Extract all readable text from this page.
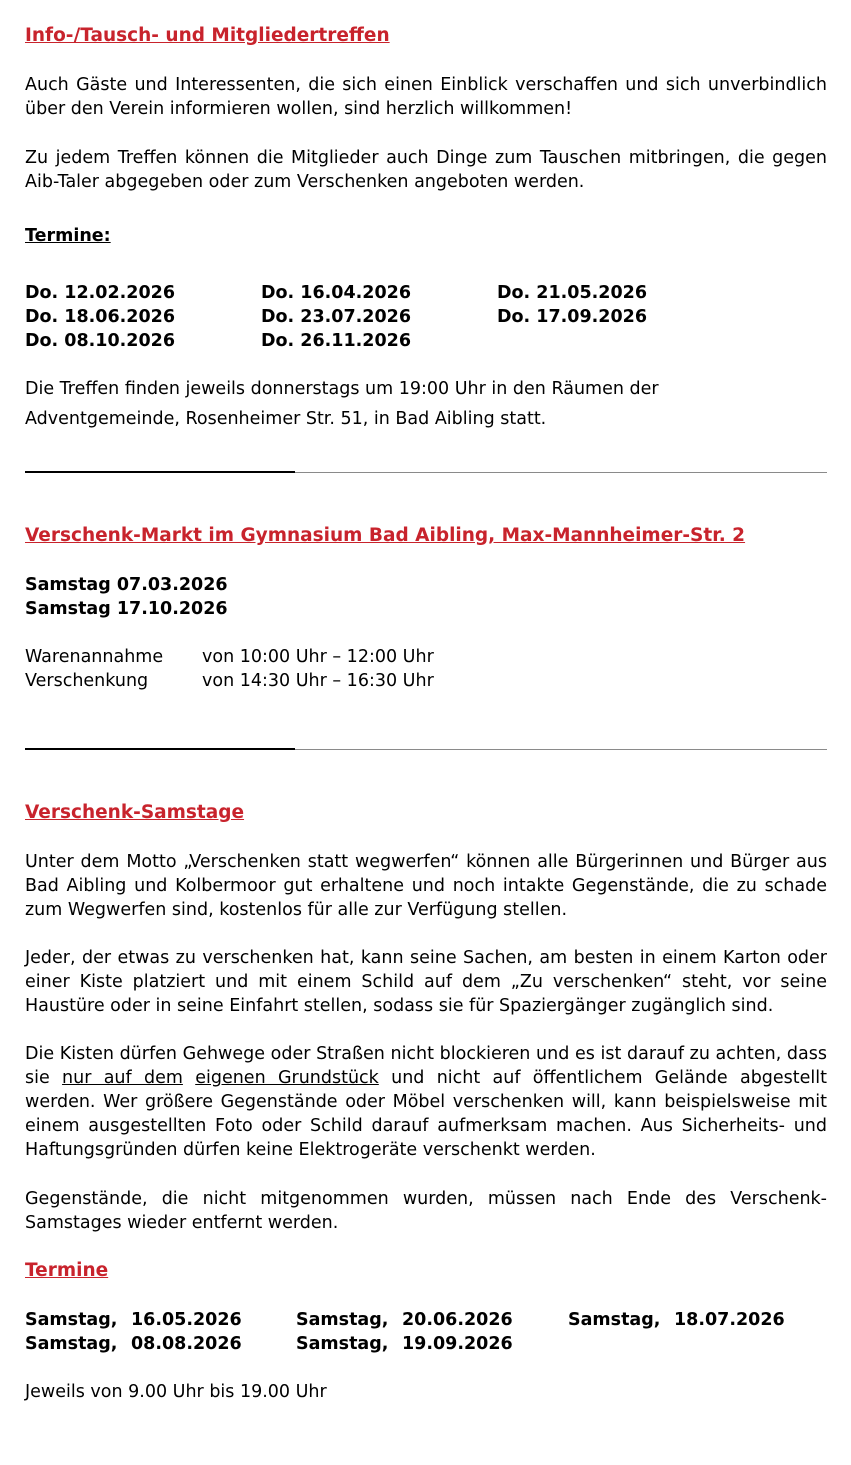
Info-/Tausch- und Mitgliedertreffen
Auch Gäste und Interessenten, die sich einen Einblick verschaffen und sich unverbindlich über den Verein informieren wollen, sind herzlich willkommen!
Zu jedem Treffen können die Mitglieder auch Dinge zum Tauschen mitbringen, die gegen Aib-Taler abgegeben oder zum Verschenken angeboten werden.
Termine:
Do. 12.02.2026	Do. 16.04.2026	Do. 21.05.2026
Do. 18.06.2026	Do. 23.07.2026	Do. 17.09.2026
Do. 08.10.2026	Do. 26.11.2026
Die Treffen finden jeweils donnerstags um 19:00 Uhr in den Räumen der
Adventgemeinde, Rosenheimer Str. 51, in Bad Aibling statt.
Verschenk-Markt im Gymnasium Bad Aibling, Max-Mannheimer-Str. 2
Samstag 07.03.2026
Samstag 17.10.2026
Warenannahme von 10:00 Uhr – 12:00 Uhr
Verschenkung	von 14:30 Uhr – 16:30 Uhr
Verschenk-Samstage
Unter dem Motto „Verschenken statt wegwerfen“ können alle Bürgerinnen und Bürger aus Bad Aibling und Kolbermoor gut erhaltene und noch intakte Gegenstände, die zu schade zum Wegwerfen sind, kostenlos für alle zur Verfügung stellen.
Jeder, der etwas zu verschenken hat, kann seine Sachen, am besten in einem Karton oder einer Kiste platziert und mit einem Schild auf dem „Zu verschenken“ steht, vor seine Haustüre oder in seine Einfahrt stellen, sodass sie für Spaziergänger zugänglich sind.
Die Kisten dürfen Gehwege oder Straßen nicht blockieren und es ist darauf zu achten, dass sie nur auf dem eigenen Grundstück und nicht auf öffentlichem Gelände abgestellt werden. Wer größere Gegenstände oder Möbel verschenken will, kann beispielsweise mit einem ausgestellten Foto oder Schild darauf aufmerksam machen. Aus Sicherheits- und Haftungsgründen dürfen keine Elektrogeräte verschenkt werden.
Gegenstände, die nicht mitgenommen wurden, müssen nach Ende des Verschenk-Samstages wieder entfernt werden.
Termine
Samstag, 16.05.2026	Samstag, 20.06.2026	Samstag, 18.07.2026
Samstag, 08.08.2026	Samstag, 19.09.2026
Jeweils von 9.00 Uhr bis 19.00 Uhr
